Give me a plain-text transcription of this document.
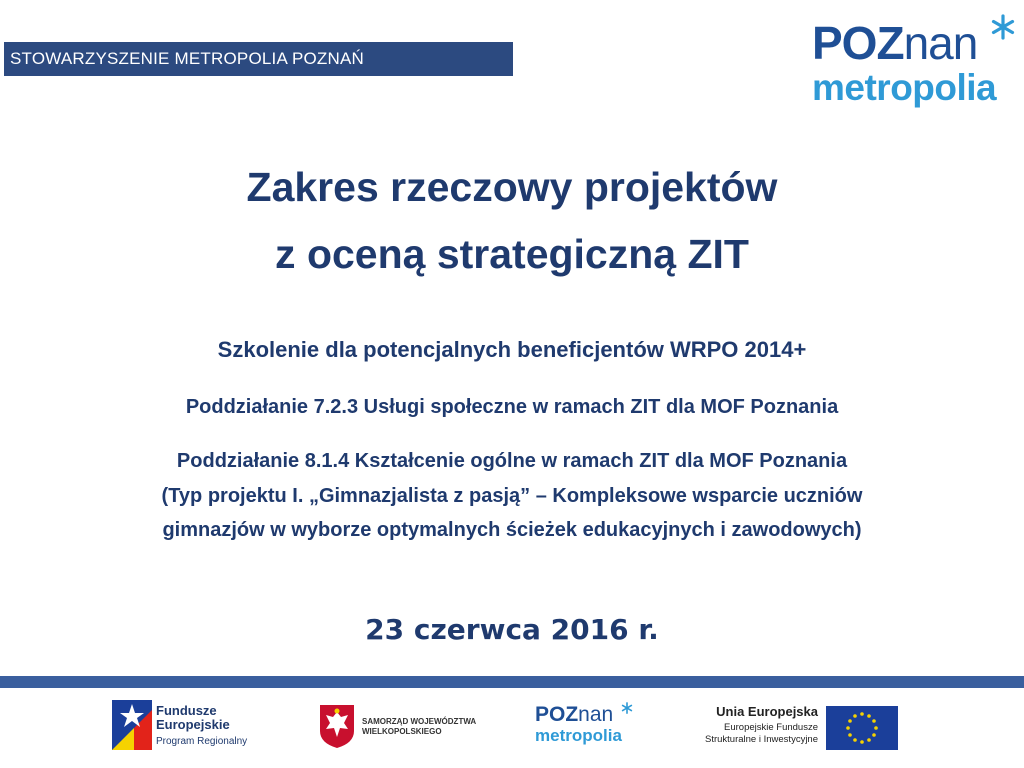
STOWARZYSZENIE METROPOLIA POZNAŃ	POZnan
metropolia
Zakres rzeczowy projektów
z oceną strategiczną ZIT
Szkolenie dla potencjalnych beneficjentów WRPO 2014+
Poddziałanie 7.2.3 Usługi społeczne w ramach ZIT dla MOF Poznania
Poddziałanie 8.1.4 Kształcenie ogólne w ramach ZIT dla MOF Poznania
(Typ projektu I. „Gimnazjalista z pasją” – Kompleksowe wsparcie uczniów
gimnazjów w wyborze optymalnych ścieżek edukacyjnych i zawodowych)
23 czerwca 2016 r.
Fundusze
Europejskie
Program Regionalny
SAMORZĄD WOJEWÓDZTWA
WIELKOPOLSKIEGO
POZnan
metropolia
Unia Europejska
Europejskie Fundusze
Strukturalne i Inwestycyjne
